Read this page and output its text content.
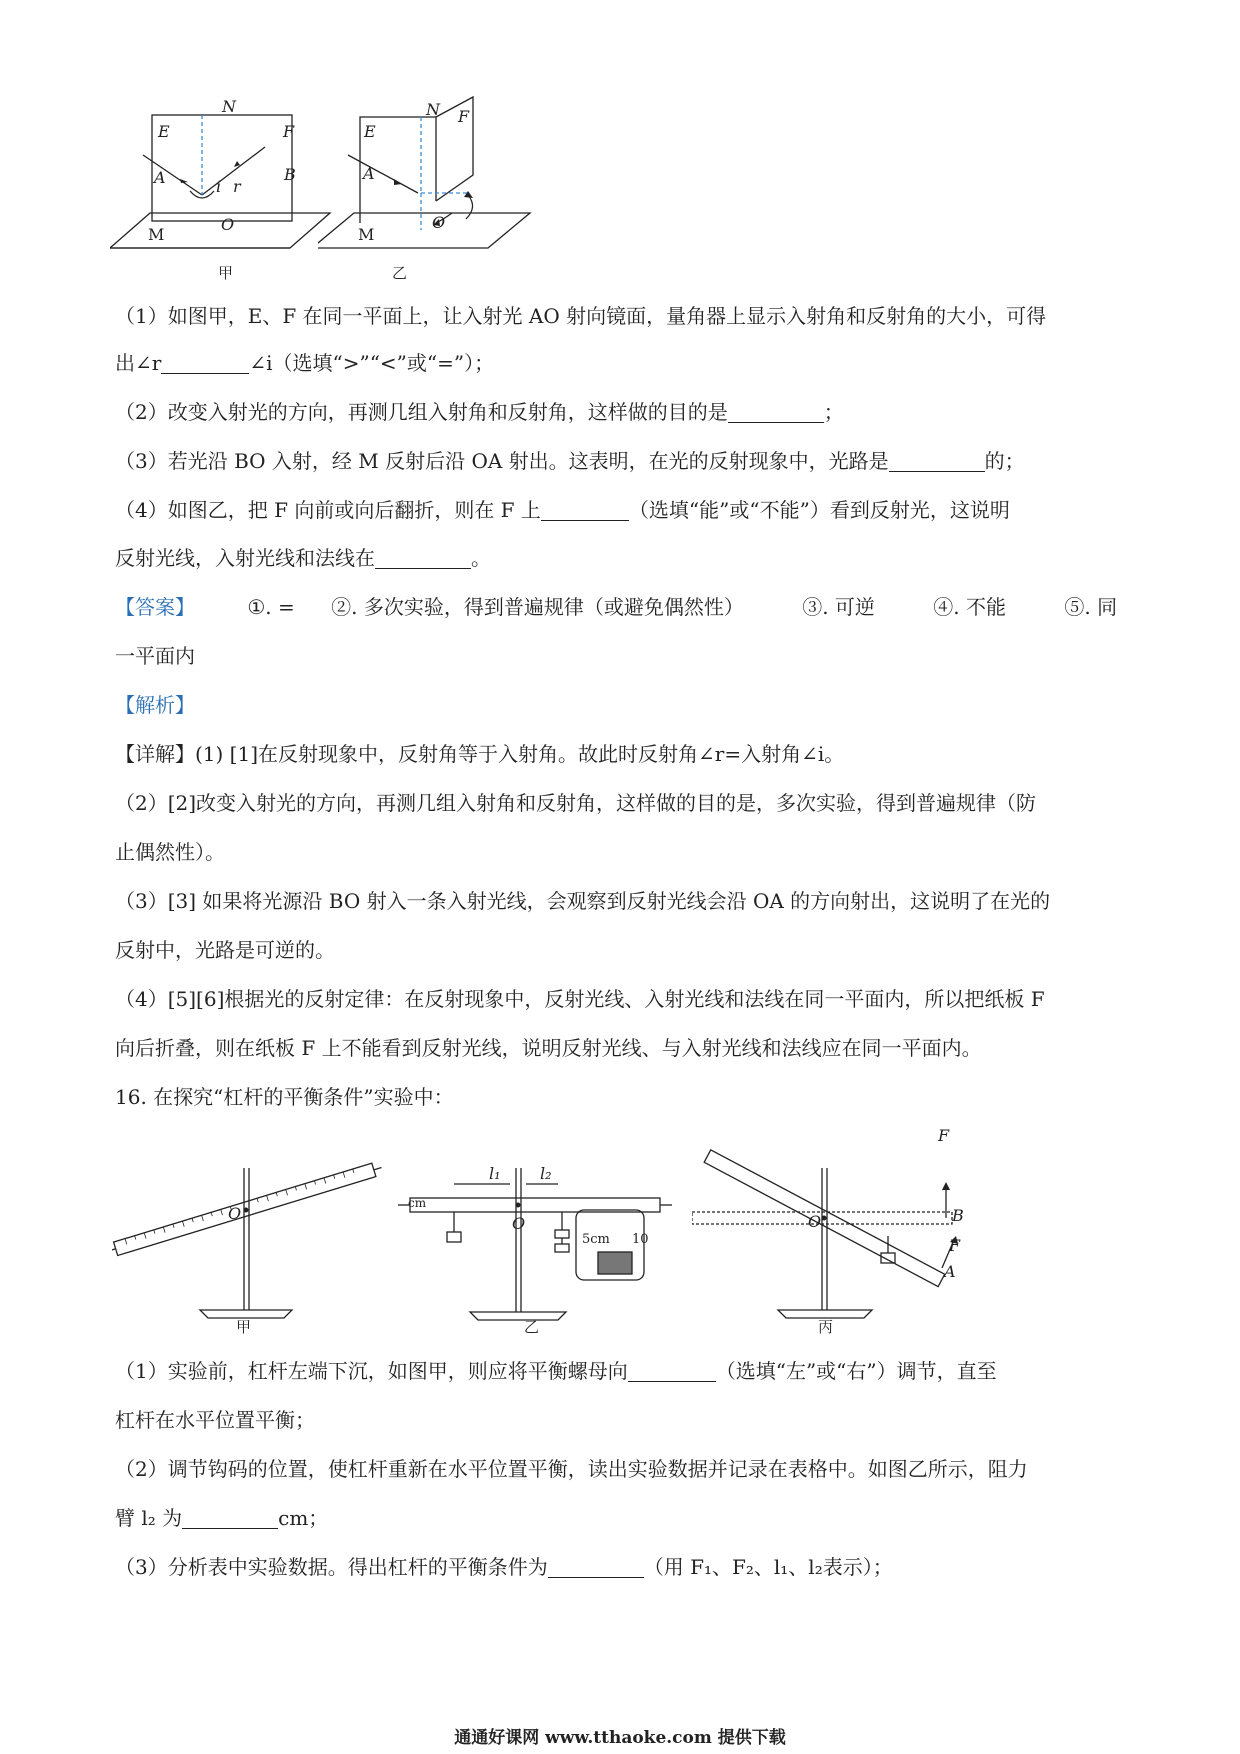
N
E	F
A	B
i r
O
M
甲
N F
E
A
O
M
乙
（1）如图甲，E、F 在同一平面上，让入射光 AO 射向镜面，量角器上显示入射角和反射角的大小，可得
出∠r	∠i（选填“>”“<”或“=”）；
（2）改变入射光的方向，再测几组入射角和反射角，这样做的目的是	；
（3）若光沿 BO 入射，经 M 反射后沿 OA 射出。这表明，在光的反射现象中，光路是	的；
（4）如图乙，把 F 向前或向后翻折，则在 F 上	（选填“能”或“不能”）看到反射光，这说明
反射光线，入射光线和法线在	。
【答案】	①. = ②. 多次实验，得到普遍规律（或避免偶然性）	③. 可逆	④. 不能	⑤. 同
一平面内
【解析】
【详解】(1) [1]在反射现象中，反射角等于入射角。故此时反射角∠r=入射角∠i。
（2）[2]改变入射光的方向，再测几组入射角和反射角，这样做的目的是，多次实验，得到普遍规律（防
止偶然性）。
（3）[3] 如果将光源沿 BO 射入一条入射光线，会观察到反射光线会沿 OA 的方向射出，这说明了在光的
反射中，光路是可逆的。
（4）[5][6]根据光的反射定律：在反射现象中，反射光线、入射光线和法线在同一平面内，所以把纸板 F
向后折叠，则在纸板 F 上不能看到反射光线，说明反射光线、与入射光线和法线应在同一平面内。
16. 在探究“杠杆的平衡条件”实验中：
O
甲
l₁ l₂
cm
O
5cm 10
乙
F
B
F
A
O
丙
（1）实验前，杠杆左端下沉，如图甲，则应将平衡螺母向	（选填“左”或“右”）调节，直至
杠杆在水平位置平衡；
（2）调节钩码的位置，使杠杆重新在水平位置平衡，读出实验数据并记录在表格中。如图乙所示，阻力
臂 l₂ 为	cm；
（3）分析表中实验数据。得出杠杆的平衡条件为	（用 F₁、F₂、l₁、l₂表示）；
通通好课网 www.tthaoke.com 提供下载
